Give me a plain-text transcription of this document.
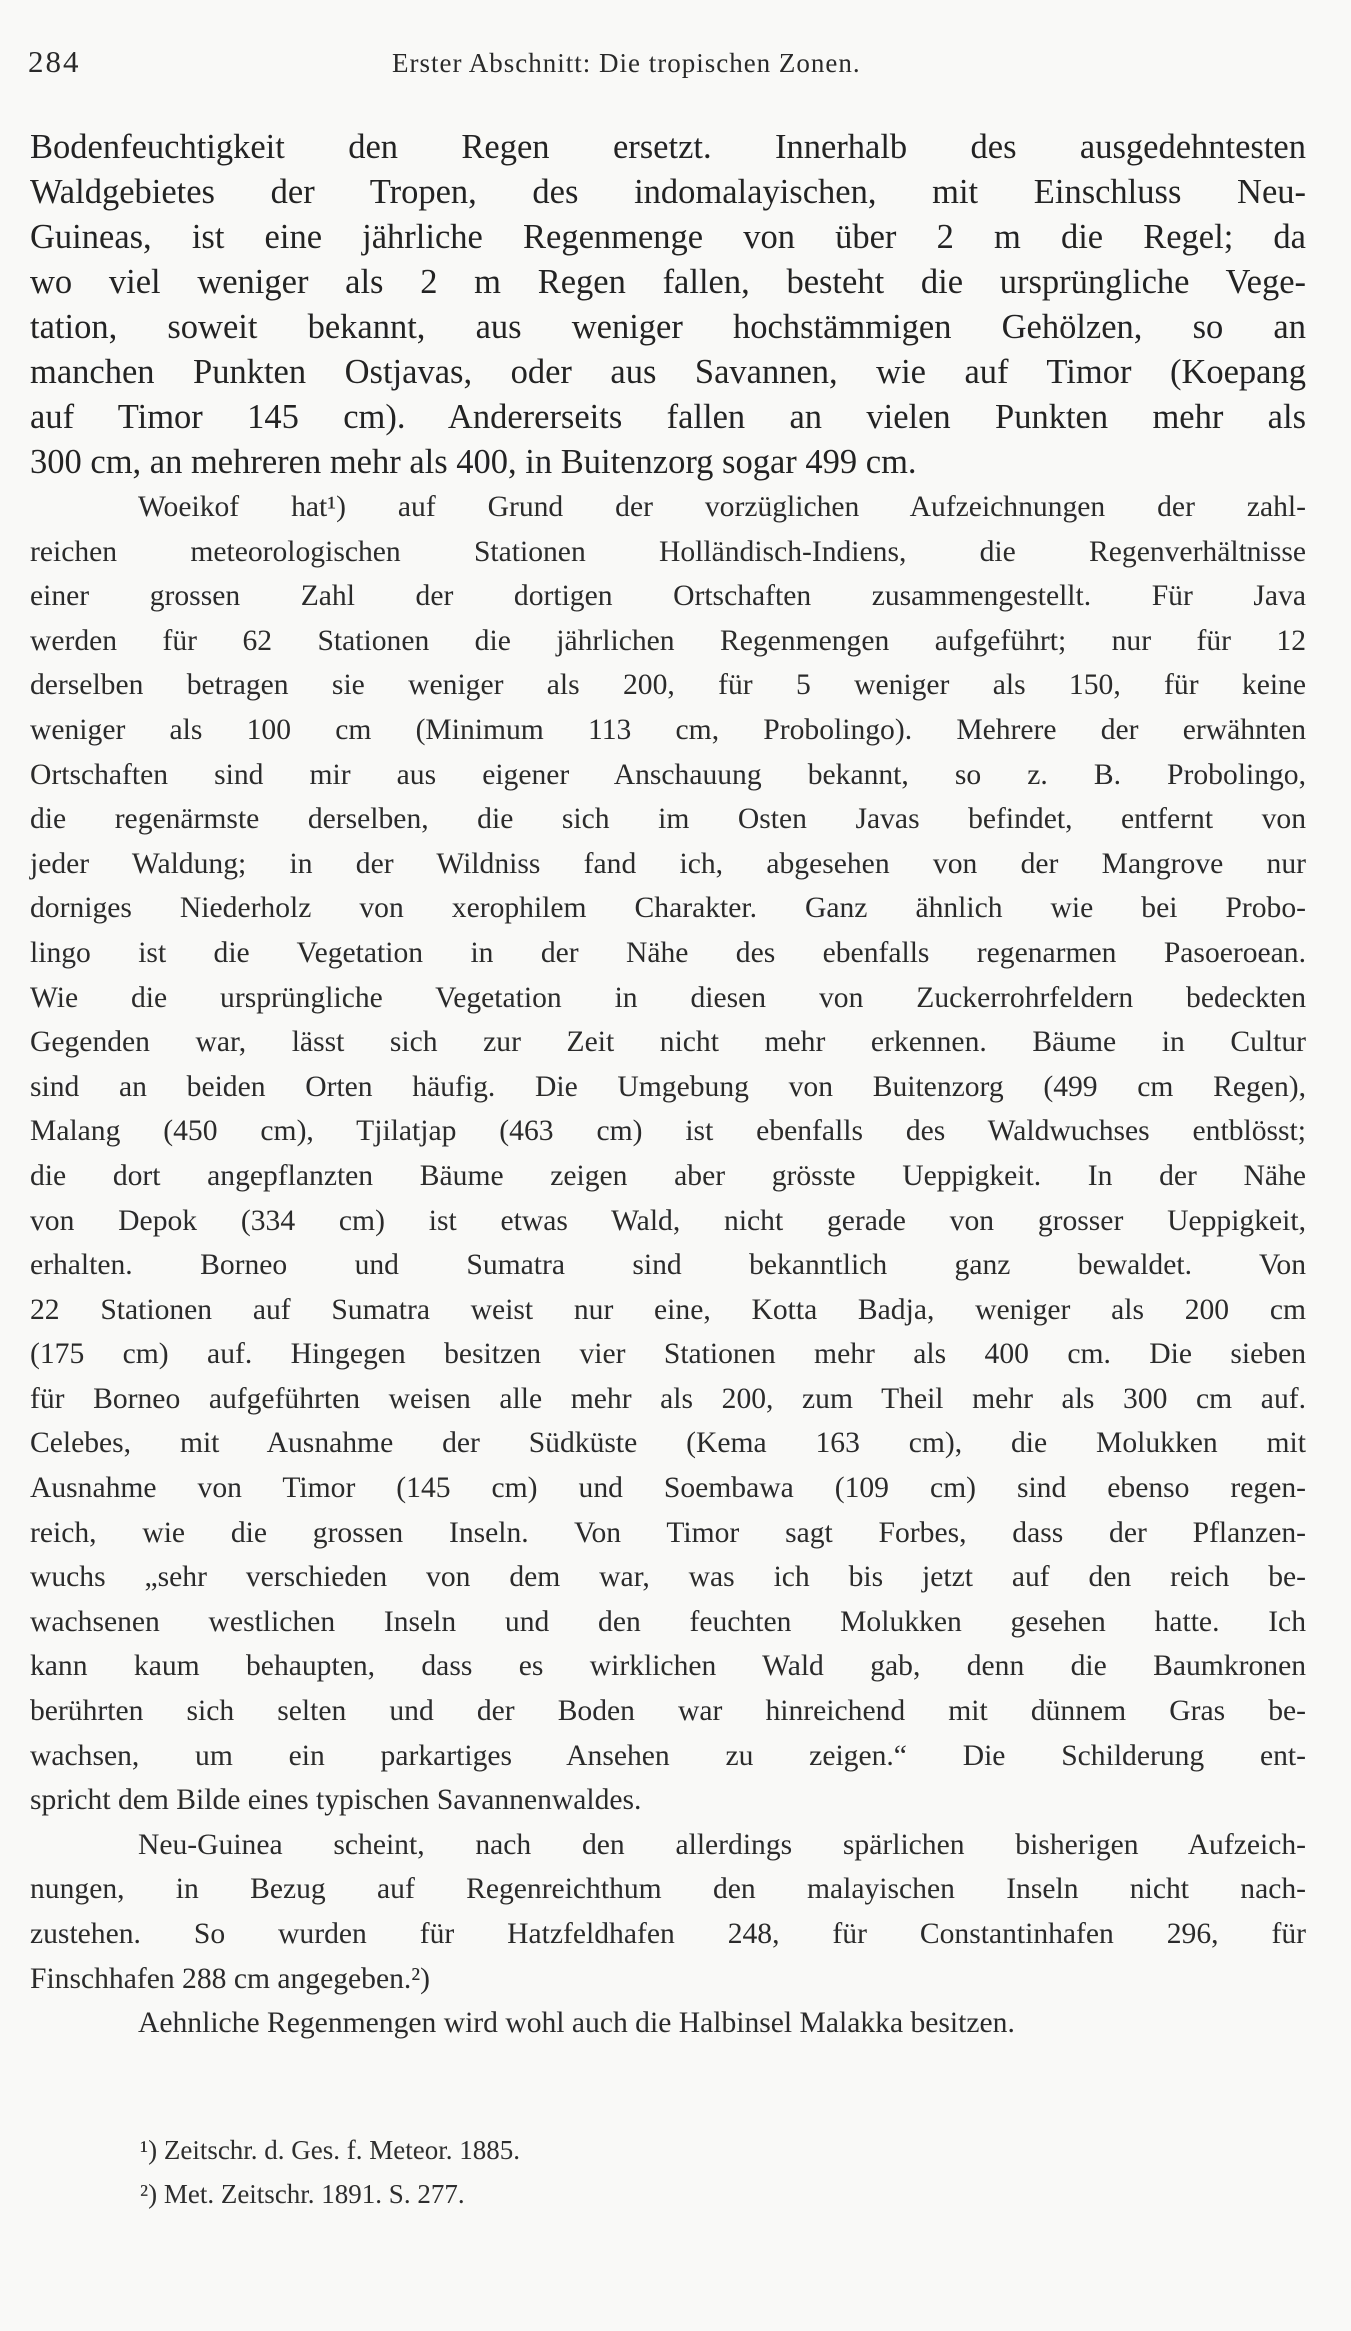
284	Erster Abschnitt: Die tropischen Zonen.

Bodenfeuchtigkeit den Regen ersetzt. Innerhalb des ausgedehntesten
Waldgebietes der Tropen, des indomalayischen, mit Einschluss Neu-
Guineas, ist eine jährliche Regenmenge von über 2 m die Regel; da
wo viel weniger als 2 m Regen fallen, besteht die ursprüngliche Vege-
tation, soweit bekannt, aus weniger hochstämmigen Gehölzen, so an
manchen Punkten Ostjavas, oder aus Savannen, wie auf Timor (Koepang
auf Timor 145 cm). Andererseits fallen an vielen Punkten mehr als
300 cm, an mehreren mehr als 400, in Buitenzorg sogar 499 cm.

Woeikof hat¹) auf Grund der vorzüglichen Aufzeichnungen der zahl-
reichen meteorologischen Stationen Holländisch-Indiens, die Regenverhältnisse
einer grossen Zahl der dortigen Ortschaften zusammengestellt. Für Java
werden für 62 Stationen die jährlichen Regenmengen aufgeführt; nur für 12
derselben betragen sie weniger als 200, für 5 weniger als 150, für keine
weniger als 100 cm (Minimum 113 cm, Probolingo). Mehrere der erwähnten
Ortschaften sind mir aus eigener Anschauung bekannt, so z. B. Probolingo,
die regenärmste derselben, die sich im Osten Javas befindet, entfernt von
jeder Waldung; in der Wildniss fand ich, abgesehen von der Mangrove nur
dorniges Niederholz von xerophilem Charakter. Ganz ähnlich wie bei Probo-
lingo ist die Vegetation in der Nähe des ebenfalls regenarmen Pasoeroean.
Wie die ursprüngliche Vegetation in diesen von Zuckerrohrfeldern bedeckten
Gegenden war, lässt sich zur Zeit nicht mehr erkennen. Bäume in Cultur
sind an beiden Orten häufig. Die Umgebung von Buitenzorg (499 cm Regen),
Malang (450 cm), Tjilatjap (463 cm) ist ebenfalls des Waldwuchses entblösst;
die dort angepflanzten Bäume zeigen aber grösste Ueppigkeit. In der Nähe
von Depok (334 cm) ist etwas Wald, nicht gerade von grosser Ueppigkeit,
erhalten. Borneo und Sumatra sind bekanntlich ganz bewaldet. Von
22 Stationen auf Sumatra weist nur eine, Kotta Badja, weniger als 200 cm
(175 cm) auf. Hingegen besitzen vier Stationen mehr als 400 cm. Die sieben
für Borneo aufgeführten weisen alle mehr als 200, zum Theil mehr als 300 cm auf.
Celebes, mit Ausnahme der Südküste (Kema 163 cm), die Molukken mit
Ausnahme von Timor (145 cm) und Soembawa (109 cm) sind ebenso regen-
reich, wie die grossen Inseln. Von Timor sagt Forbes, dass der Pflanzen-
wuchs „sehr verschieden von dem war, was ich bis jetzt auf den reich be-
wachsenen westlichen Inseln und den feuchten Molukken gesehen hatte. Ich
kann kaum behaupten, dass es wirklichen Wald gab, denn die Baumkronen
berührten sich selten und der Boden war hinreichend mit dünnem Gras be-
wachsen, um ein parkartiges Ansehen zu zeigen.“ Die Schilderung ent-
spricht dem Bilde eines typischen Savannenwaldes.

Neu-Guinea scheint, nach den allerdings spärlichen bisherigen Aufzeich-
nungen, in Bezug auf Regenreichthum den malayischen Inseln nicht nach-
zustehen. So wurden für Hatzfeldhafen 248, für Constantinhafen 296, für
Finschhafen 288 cm angegeben.²)

Aehnliche Regenmengen wird wohl auch die Halbinsel Malakka besitzen.

¹) Zeitschr. d. Ges. f. Meteor. 1885.
²) Met. Zeitschr. 1891. S. 277.
